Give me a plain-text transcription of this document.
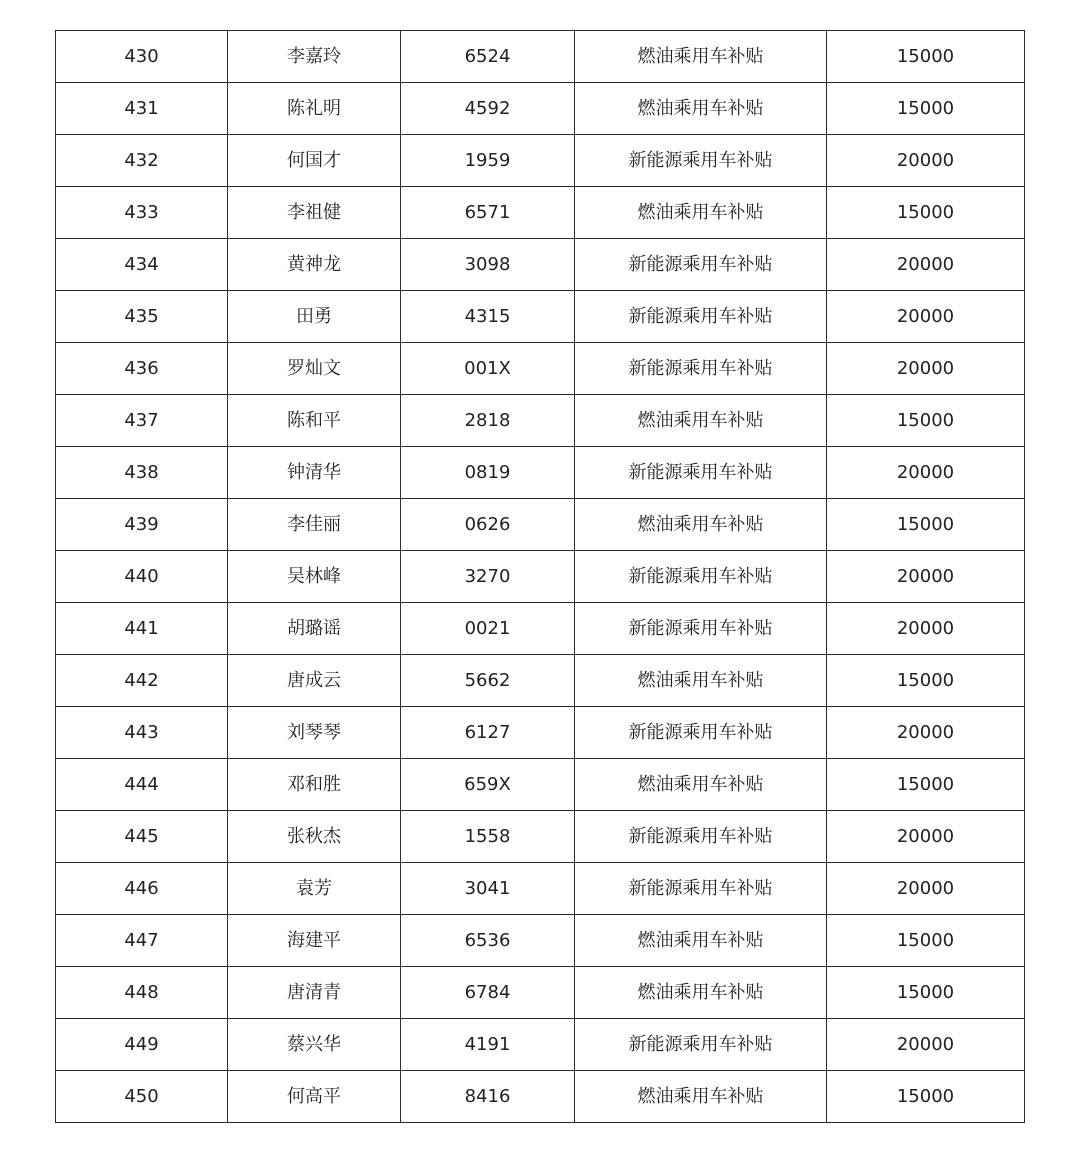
430	李嘉玲	6524	燃油乘用车补贴	15000
431	陈礼明	4592	燃油乘用车补贴	15000
432	何国才	1959	新能源乘用车补贴	20000
433	李祖健	6571	燃油乘用车补贴	15000
434	黄神龙	3098	新能源乘用车补贴	20000
435	田勇	4315	新能源乘用车补贴	20000
436	罗灿文	001X	新能源乘用车补贴	20000
437	陈和平	2818	燃油乘用车补贴	15000
438	钟清华	0819	新能源乘用车补贴	20000
439	李佳丽	0626	燃油乘用车补贴	15000
440	吴林峰	3270	新能源乘用车补贴	20000
441	胡璐谣	0021	新能源乘用车补贴	20000
442	唐成云	5662	燃油乘用车补贴	15000
443	刘琴琴	6127	新能源乘用车补贴	20000
444	邓和胜	659X	燃油乘用车补贴	15000
445	张秋杰	1558	新能源乘用车补贴	20000
446	袁芳	3041	新能源乘用车补贴	20000
447	海建平	6536	燃油乘用车补贴	15000
448	唐清青	6784	燃油乘用车补贴	15000
449	蔡兴华	4191	新能源乘用车补贴	20000
450	何高平	8416	燃油乘用车补贴	15000
